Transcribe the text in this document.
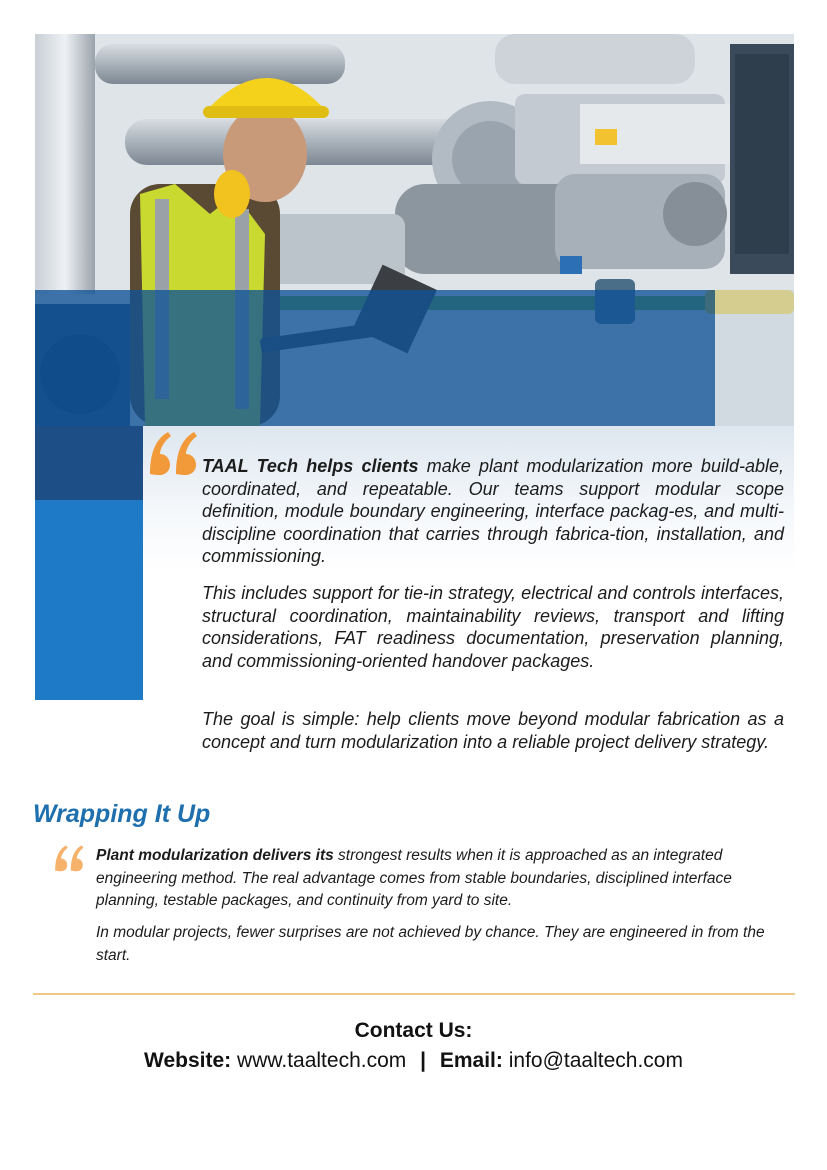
TAAL Tech helps clients make plant modularization more build-able, coordinated, and repeatable. Our teams support modular scope definition, module boundary engineering, interface packag-es, and multi-discipline coordination that carries through fabrica-tion, installation, and commissioning.
This includes support for tie-in strategy, electrical and controls interfaces, structural coordination, maintainability reviews, transport and lifting considerations, FAT readiness documentation, preservation planning, and commissioning-oriented handover packages.
The goal is simple: help clients move beyond modular fabrication as a concept and turn modularization into a reliable project delivery strategy.
Wrapping It Up
Plant modularization delivers its strongest results when it is approached as an integrated engineering method. The real advantage comes from stable boundaries, disciplined interface planning, testable packages, and continuity from yard to site.
In modular projects, fewer surprises are not achieved by chance. They are engineered in from the start.
Contact Us:
Website: www.taaltech.com | Email: info@taaltech.com
